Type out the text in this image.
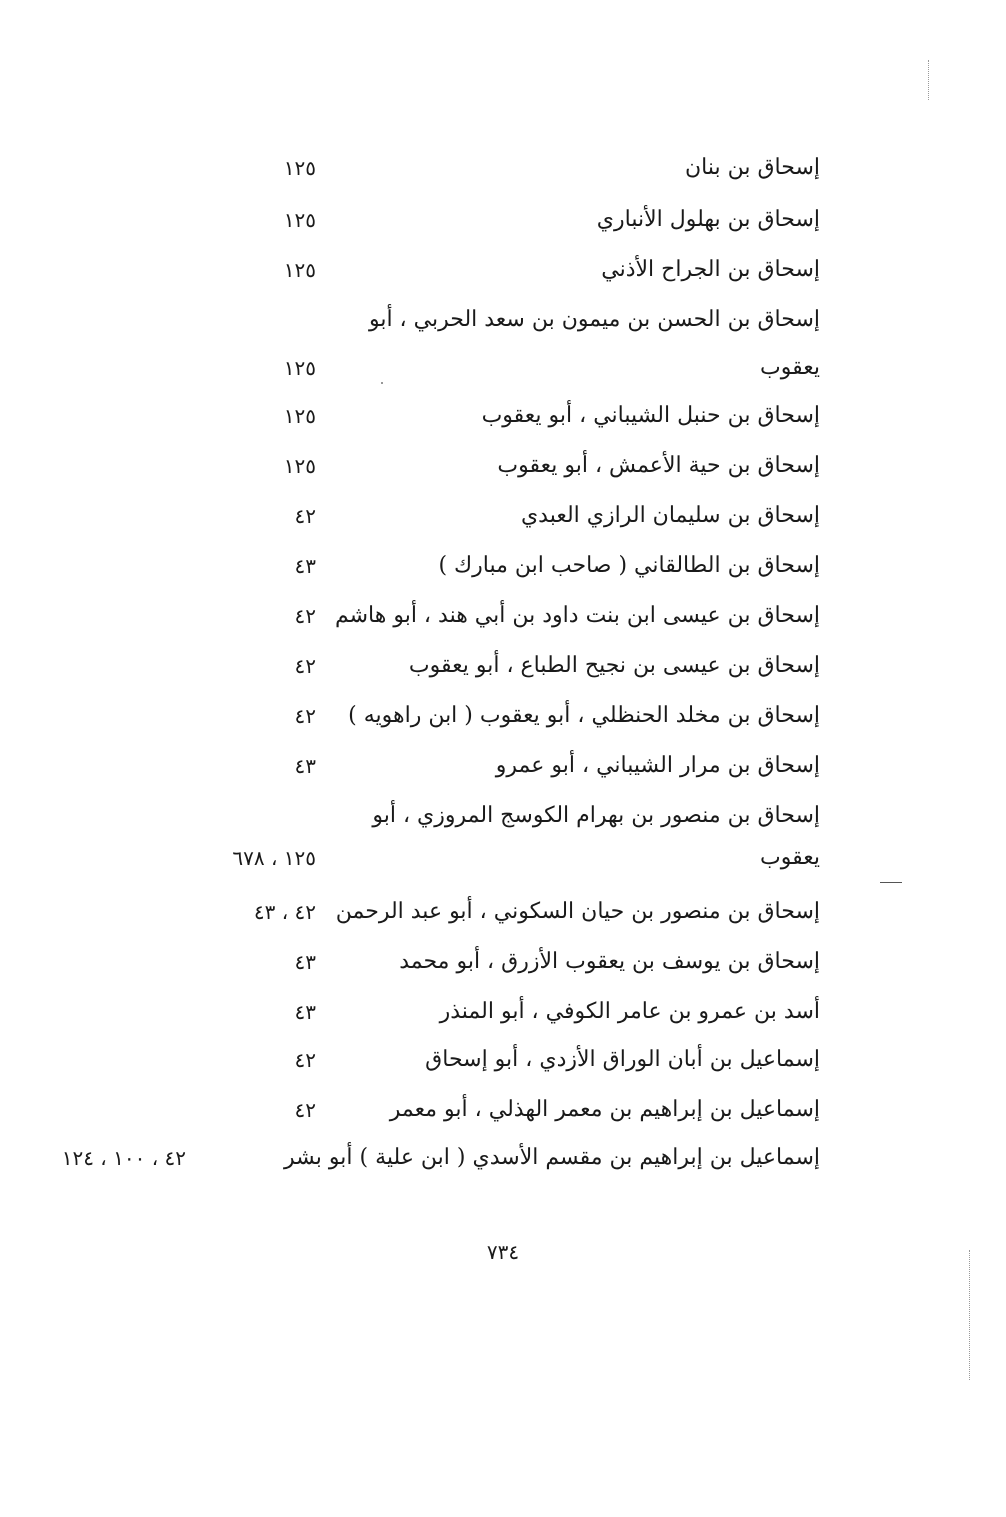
إسحاق بن بنان
١٢٥
إسحاق بن بهلول الأنباري
١٢٥
إسحاق بن الجراح الأذني
١٢٥
إسحاق بن الحسن بن ميمون بن سعد الحربي ، أبو
يعقوب
١٢٥
إسحاق بن حنبل الشيباني ، أبو يعقوب
١٢٥
إسحاق بن حية الأعمش ، أبو يعقوب
١٢٥
إسحاق بن سليمان الرازي العبدي
٤٢
إسحاق بن الطالقاني ( صاحب ابن مبارك )
٤٣
إسحاق بن عيسى ابن بنت داود بن أبي هند ، أبو هاشم
٤٢
إسحاق بن عيسى بن نجيح الطباع ، أبو يعقوب
٤٢
إسحاق بن مخلد الحنظلي ، أبو يعقوب ( ابن راهويه )
٤٢
إسحاق بن مرار الشيباني ، أبو عمرو
٤٣
إسحاق بن منصور بن بهرام الكوسج المروزي ، أبو
يعقوب
١٢٥ ، ٦٧٨
إسحاق بن منصور بن حيان السكوني ، أبو عبد الرحمن
٤٢ ، ٤٣
إسحاق بن يوسف بن يعقوب الأزرق ، أبو محمد
٤٣
أسد بن عمرو بن عامر الكوفي ، أبو المنذر
٤٣
إسماعيل بن أبان الوراق الأزدي ، أبو إسحاق
٤٢
إسماعيل بن إبراهيم بن معمر الهذلي ، أبو معمر
٤٢
إسماعيل بن إبراهيم بن مقسم الأسدي ( ابن علية ) أبو بشر
٤٢ ، ١٠٠ ، ١٢٤
٧٣٤
